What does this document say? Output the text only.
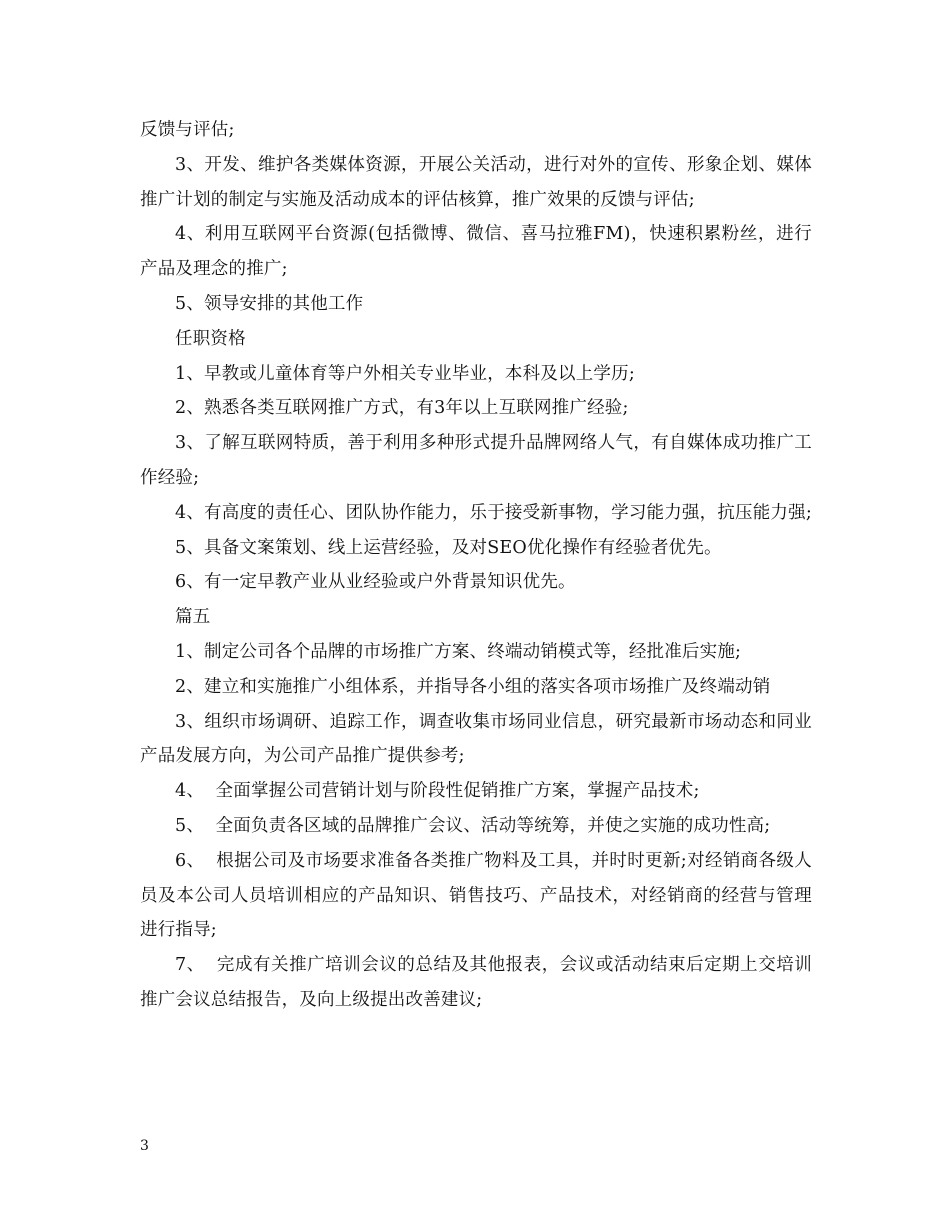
反馈与评估;

3、开发、维护各类媒体资源，开展公关活动，进行对外的宣传、形象企划、媒体推广计划的制定与实施及活动成本的评估核算，推广效果的反馈与评估;

4、利用互联网平台资源(包括微博、微信、喜马拉雅FM)，快速积累粉丝，进行产品及理念的推广;

5、领导安排的其他工作

任职资格

1、早教或儿童体育等户外相关专业毕业，本科及以上学历;

2、熟悉各类互联网推广方式，有3年以上互联网推广经验;

3、了解互联网特质，善于利用多种形式提升品牌网络人气，有自媒体成功推广工作经验;

4、有高度的责任心、团队协作能力，乐于接受新事物，学习能力强，抗压能力强;

5、具备文案策划、线上运营经验，及对SEO优化操作有经验者优先。

6、有一定早教产业从业经验或户外背景知识优先。

篇五

1、制定公司各个品牌的市场推广方案、终端动销模式等，经批准后实施;

2、建立和实施推广小组体系，并指导各小组的落实各项市场推广及终端动销

3、组织市场调研、追踪工作，调查收集市场同业信息，研究最新市场动态和同业产品发展方向，为公司产品推广提供参考;

4、  全面掌握公司营销计划与阶段性促销推广方案，掌握产品技术;

5、  全面负责各区域的品牌推广会议、活动等统筹，并使之实施的成功性高;

6、  根据公司及市场要求准备各类推广物料及工具，并时时更新;对经销商各级人员及本公司人员培训相应的产品知识、销售技巧、产品技术，对经销商的经营与管理进行指导;

7、  完成有关推广培训会议的总结及其他报表，会议或活动结束后定期上交培训推广会议总结报告，及向上级提出改善建议;

3
